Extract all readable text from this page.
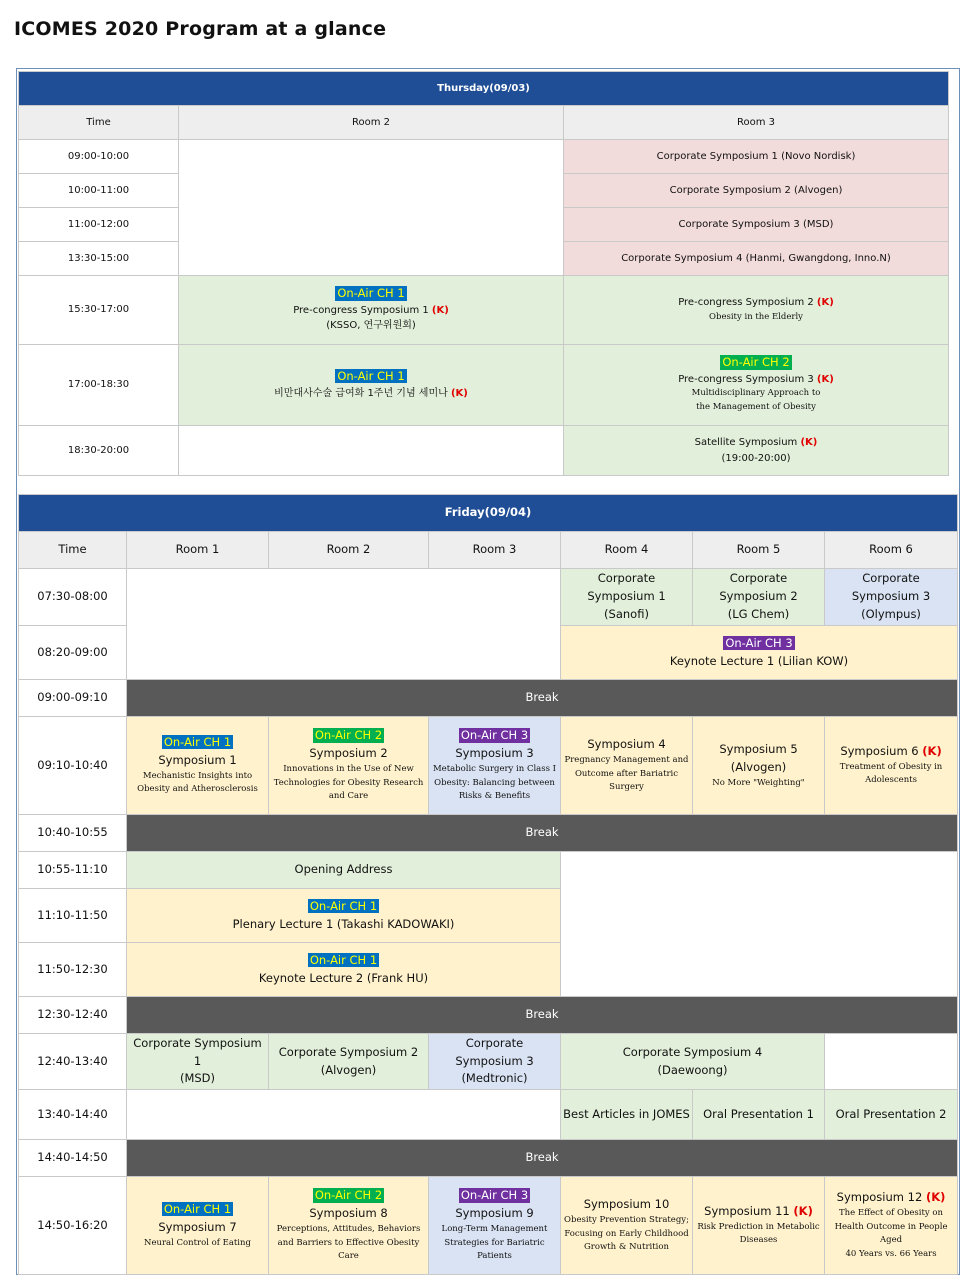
ICOMES 2020 Program at a glance
Thursday(09/03)		
Time	Room 2	Room 3
09:00-10:00		Corporate Symposium 1 (Novo Nordisk)
10:00-11:00		Corporate Symposium 2 (Alvogen)
11:00-12:00		Corporate Symposium 3 (MSD)
13:30-15:00		Corporate Symposium 4 (Hanmi, Gwangdong, Inno.N)
15:30-17:00	On-Air CH 1
Pre-congress Symposium 1 (K)
(KSSO, 연구위원회)	Pre-congress Symposium 2 (K)
Obesity in the Elderly

17:00-18:30	On-Air CH 1
비만대사수술 급여화 1주년 기념 세미나 (K)	On-Air CH 2
Pre-congress Symposium 3 (K)
Multidisciplinary Approach to
the Management of Obesity

18:30-20:00		Satellite Symposium (K)
(19:00-20:00)
Friday(09/04)						
Time	Room 1	Room 2	Room 3	Room 4	Room 5	Room 6
07:30-08:00				Corporate Symposium 1
(Sanofi)	Corporate Symposium 2
(LG Chem)	Corporate Symposium 3
(Olympus)

08:20-09:00				On-Air CH 3
Keynote Lecture 1 (Lilian KOW)		

09:00-09:10	Break					
09:10-10:40	On-Air CH 1
Symposium 1
Mechanistic Insights into Obesity and Atherosclerosis	On-Air CH 2
Symposium 2
Innovations in the Use of New Technologies for Obesity Research and Care	On-Air CH 3
Symposium 3
Metabolic Surgery in Class I Obesity: Balancing between Risks & Benefits	Symposium 4
Pregnancy Management and Outcome after Bariatric Surgery	Symposium 5
(Alvogen)
No More "Weighting"	Symposium 6 (K)
Treatment of Obesity in Adolescents

10:40-10:55	Break					
10:55-11:10	Opening Address					
11:10-11:50	On-Air CH 1
Plenary Lecture 1 (Takashi KADOWAKI)					

11:50-12:30	On-Air CH 1
Keynote Lecture 2 (Frank HU)					

12:30-12:40	Break					
12:40-13:40	Corporate Symposium 1
(MSD)	Corporate Symposium 2
(Alvogen)	Corporate Symposium 3
(Medtronic)	Corporate Symposium 4
(Daewoong)		

13:40-14:40				Best Articles in JOMES	Oral Presentation 1	Oral Presentation 2
14:40-14:50	Break					
14:50-16:20	On-Air CH 1
Symposium 7
Neural Control of Eating	On-Air CH 2
Symposium 8
Perceptions, Attitudes, Behaviors and Barriers to Effective Obesity Care	On-Air CH 3
Symposium 9
Long-Term Management Strategies for Bariatric Patients	Symposium 10
Obesity Prevention Strategy; Focusing on Early Childhood Growth & Nutrition	Symposium 11 (K)
Risk Prediction in Metabolic Diseases	Symposium 12 (K)
The Effect of Obesity on Health Outcome in People Aged
40 Years vs. 66 Years
